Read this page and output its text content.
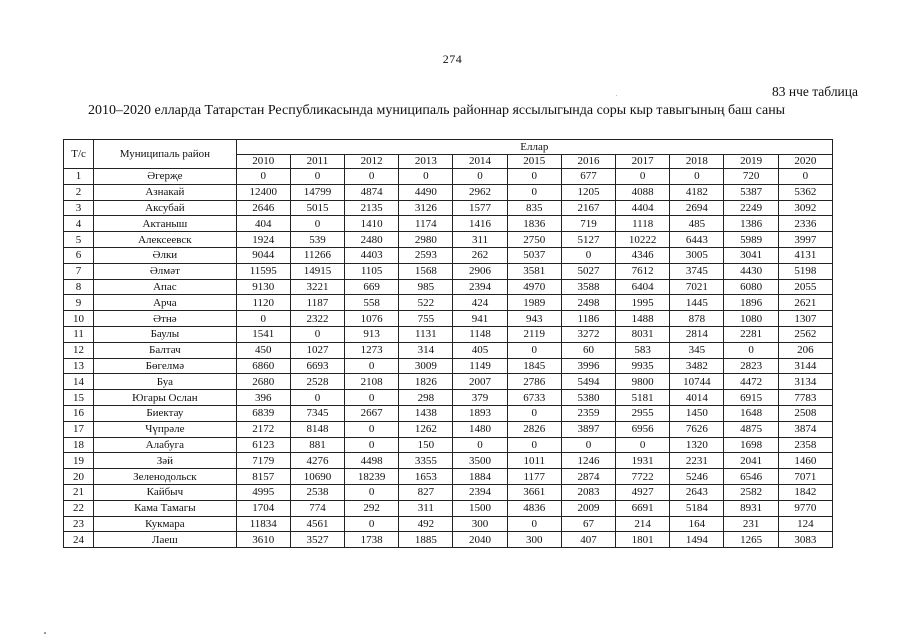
274
83 нче таблица
2010–2020 елларда Татарстан Республикасында муниципаль районнар яссылыгында соры кыр тавыгының баш саны
Т/с	Муниципаль район	Еллар										
		2010	2011	2012	2013	2014	2015	2016	2017	2018	2019	2020
1	Әгерҗе	0	0	0	0	0	0	677	0	0	720	0
2	Азнакай	12400	14799	4874	4490	2962	0	1205	4088	4182	5387	5362
3	Аксубай	2646	5015	2135	3126	1577	835	2167	4404	2694	2249	3092
4	Актаныш	404	0	1410	1174	1416	1836	719	1118	485	1386	2336
5	Алексеевск	1924	539	2480	2980	311	2750	5127	10222	6443	5989	3997
6	Әлки	9044	11266	4403	2593	262	5037	0	4346	3005	3041	4131
7	Әлмәт	11595	14915	1105	1568	2906	3581	5027	7612	3745	4430	5198
8	Апас	9130	3221	669	985	2394	4970	3588	6404	7021	6080	2055
9	Арча	1120	1187	558	522	424	1989	2498	1995	1445	1896	2621
10	Әтнә	0	2322	1076	755	941	943	1186	1488	878	1080	1307
11	Баулы	1541	0	913	1131	1148	2119	3272	8031	2814	2281	2562
12	Балтач	450	1027	1273	314	405	0	60	583	345	0	206
13	Бөгелмә	6860	6693	0	3009	1149	1845	3996	9935	3482	2823	3144
14	Буа	2680	2528	2108	1826	2007	2786	5494	9800	10744	4472	3134
15	Югары Ослан	396	0	0	298	379	6733	5380	5181	4014	6915	7783
16	Биектау	6839	7345	2667	1438	1893	0	2359	2955	1450	1648	2508
17	Чүпрәле	2172	8148	0	1262	1480	2826	3897	6956	7626	4875	3874
18	Алабуга	6123	881	0	150	0	0	0	0	1320	1698	2358
19	Зәй	7179	4276	4498	3355	3500	1011	1246	1931	2231	2041	1460
20	Зеленодольск	8157	10690	18239	1653	1884	1177	2874	7722	5246	6546	7071
21	Кайбыч	4995	2538	0	827	2394	3661	2083	4927	2643	2582	1842
22	Кама Тамагы	1704	774	292	311	1500	4836	2009	6691	5184	8931	9770
23	Кукмара	11834	4561	0	492	300	0	67	214	164	231	124
24	Лаеш	3610	3527	1738	1885	2040	300	407	1801	1494	1265	3083
